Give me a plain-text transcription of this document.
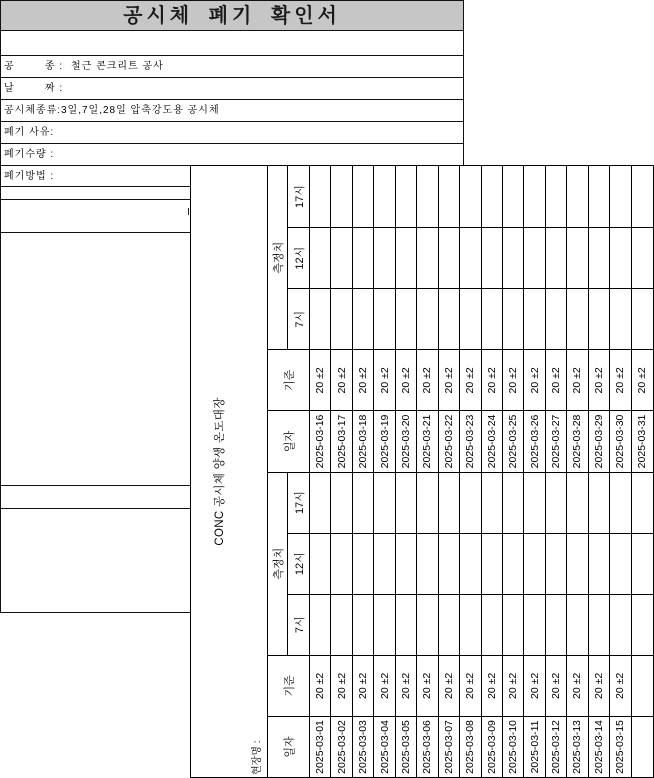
공시체 폐기 확인서

공        종 :

철근 콘크리트 공사

날        짜 :

공시체종류:

3일,7일,28일 압축강도용 공시체

폐기 사유:

폐기수량 :

폐기방법 :

CONC 공시체 양생 온도대장
현장명 :	일자
기준
측정치
7시
12시
17시
일자
기준
측정치
7시
12시
17시
2025-03-01
20 ±2
2025-03-16
20 ±2
2025-03-02
20 ±2
2025-03-17
20 ±2
2025-03-03
20 ±2
2025-03-18
20 ±2
2025-03-04
20 ±2
2025-03-19
20 ±2
2025-03-05
20 ±2
2025-03-20
20 ±2
2025-03-06
20 ±2
2025-03-21
20 ±2
2025-03-07
20 ±2
2025-03-22
20 ±2
2025-03-08
20 ±2
2025-03-23
20 ±2
2025-03-09
20 ±2
2025-03-24
20 ±2
2025-03-10
20 ±2
2025-03-25
20 ±2
2025-03-11
20 ±2
2025-03-26
20 ±2
2025-03-12
20 ±2
2025-03-27
20 ±2
2025-03-13
20 ±2
2025-03-28
20 ±2
2025-03-14
20 ±2
2025-03-29
20 ±2
2025-03-15
20 ±2
2025-03-30
20 ±2
2025-03-31
20 ±2
